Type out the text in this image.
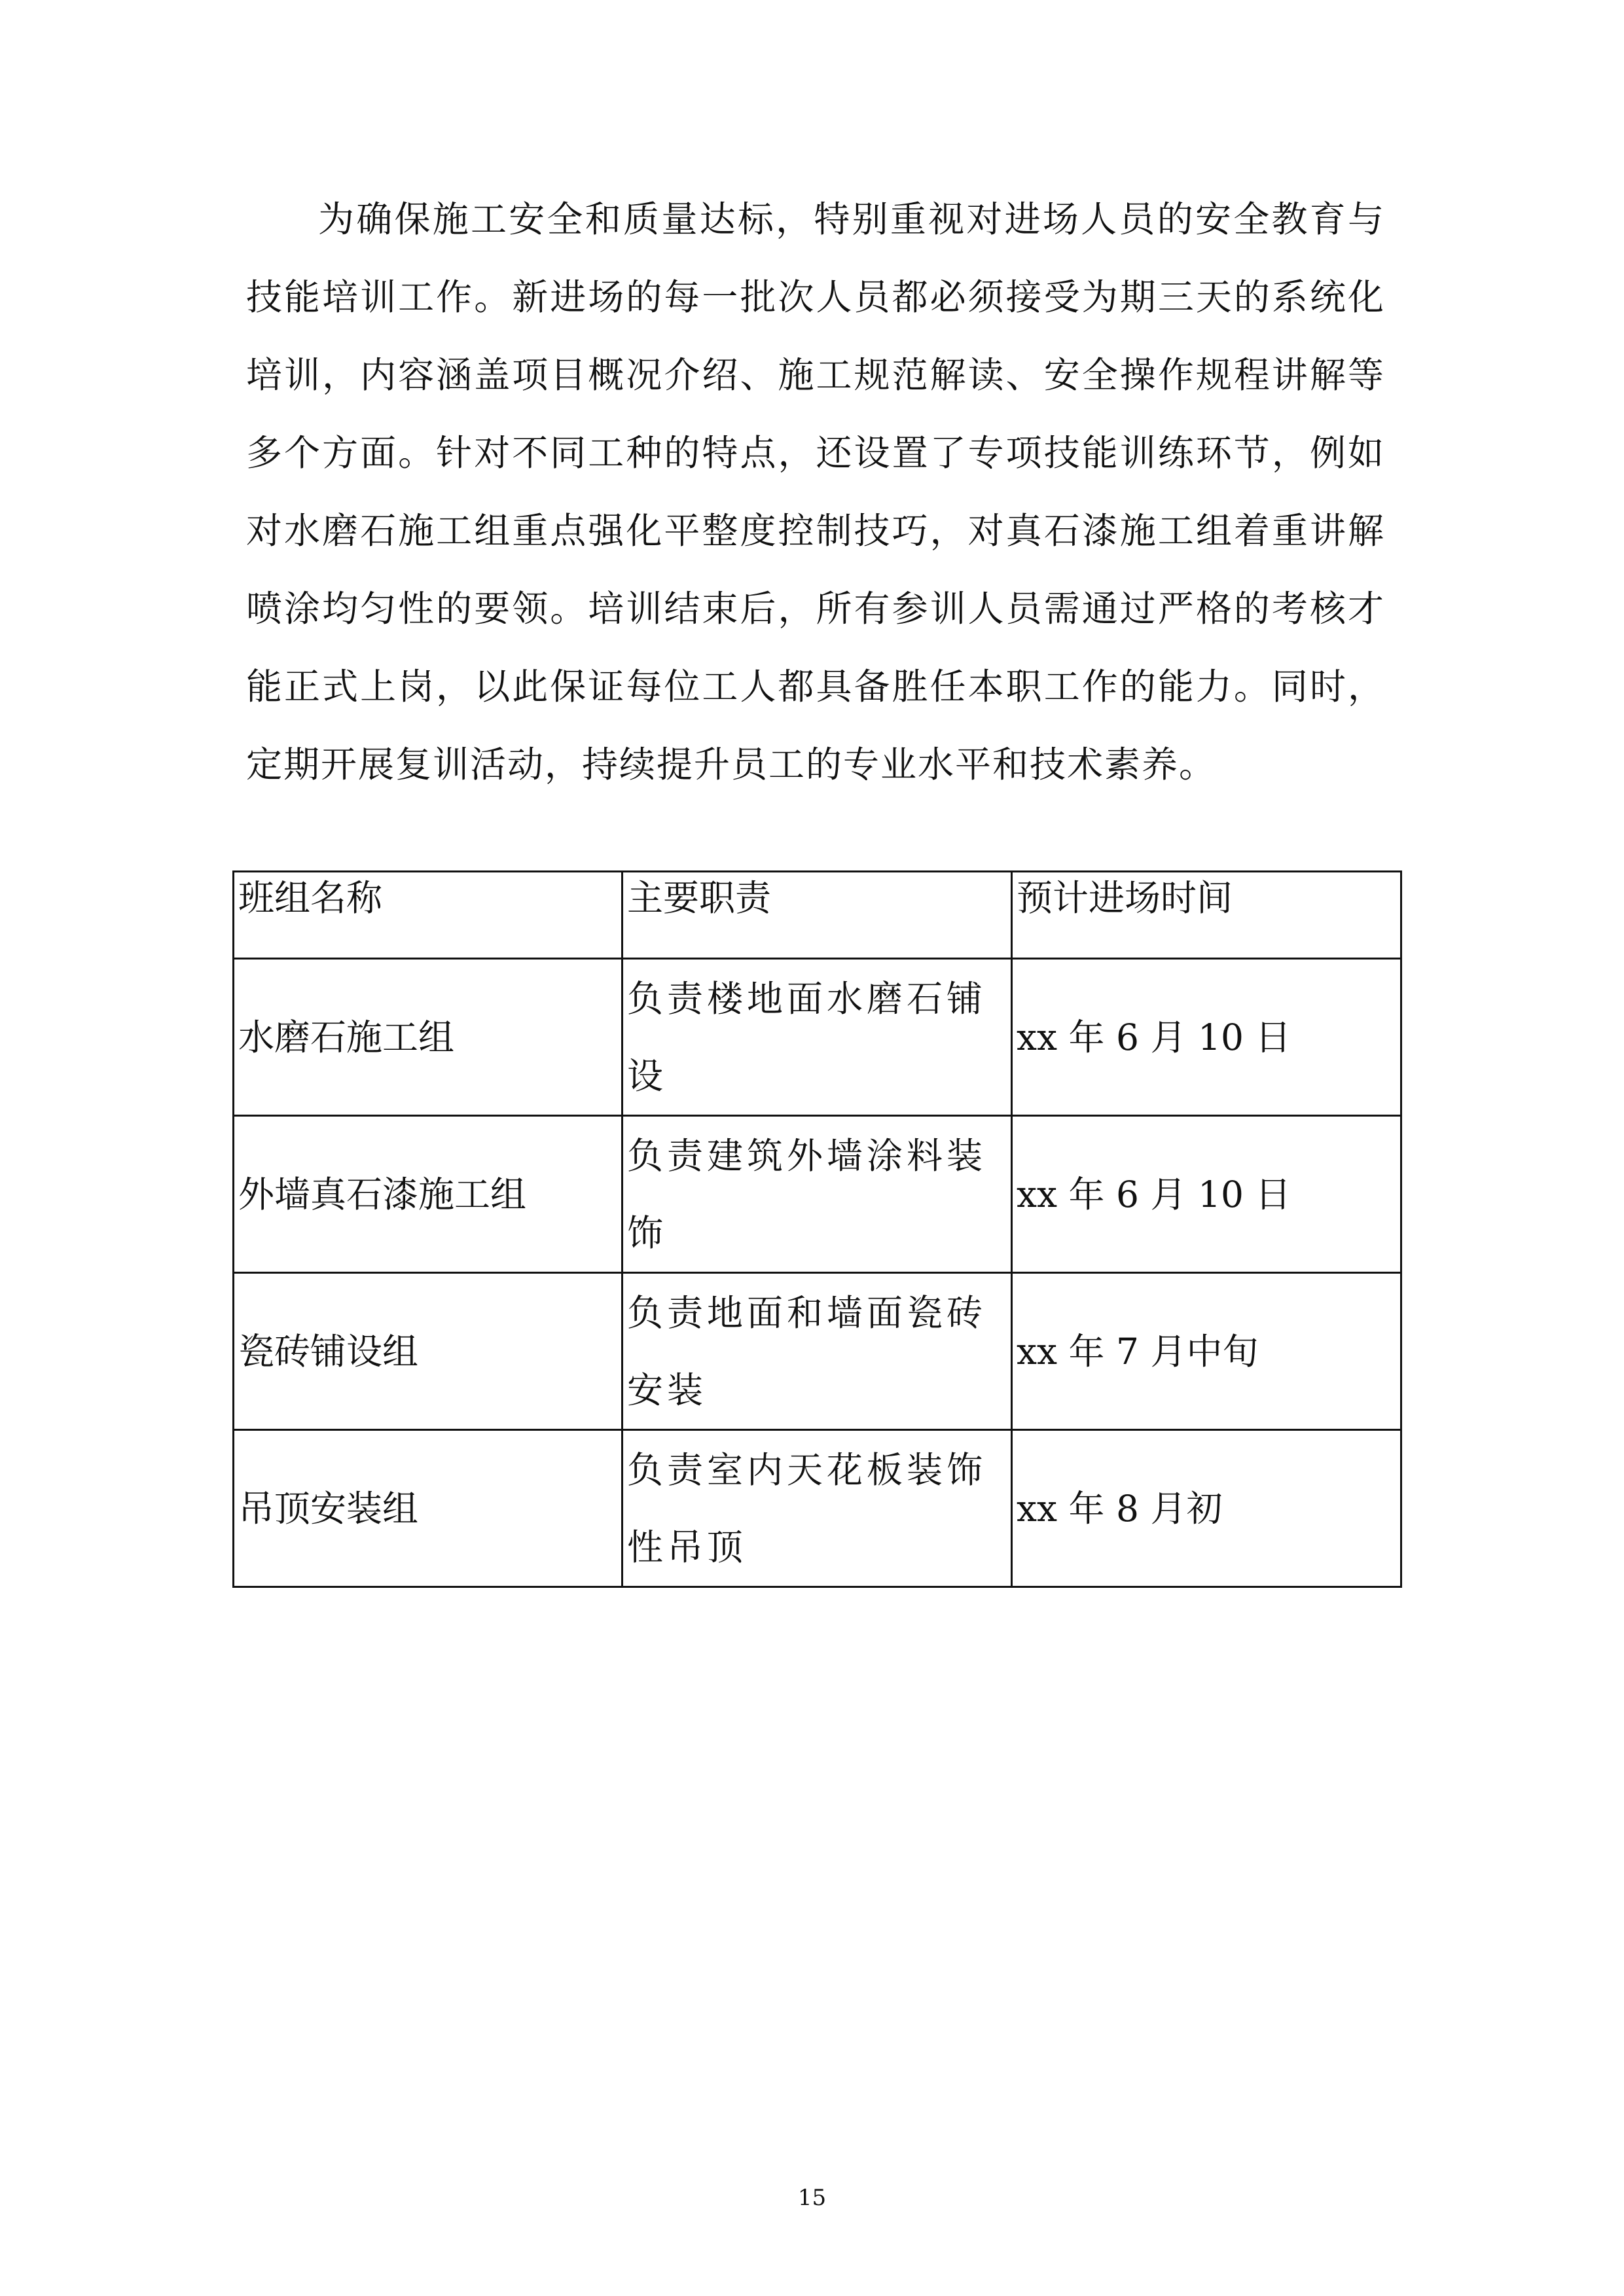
为确保施工安全和质量达标，特别重视对进场人员的安全教育与技能培训工作。新进场的每一批次人员都必须接受为期三天的系统化培训，内容涵盖项目概况介绍、施工规范解读、安全操作规程讲解等多个方面。针对不同工种的特点，还设置了专项技能训练环节，例如对水磨石施工组重点强化平整度控制技巧，对真石漆施工组着重讲解喷涂均匀性的要领。培训结束后，所有参训人员需通过严格的考核才能正式上岗，以此保证每位工人都具备胜任本职工作的能力。同时，定期开展复训活动，持续提升员工的专业水平和技术素养。

班组名称	主要职责	预计进场时间
水磨石施工组	负责楼地面水磨石铺设	xx 年 6 月 10 日
外墙真石漆施工组	负责建筑外墙涂料装饰	xx 年 6 月 10 日
瓷砖铺设组	负责地面和墙面瓷砖安装	xx 年 7 月中旬
吊顶安装组	负责室内天花板装饰性吊顶	xx 年 8 月初
15
